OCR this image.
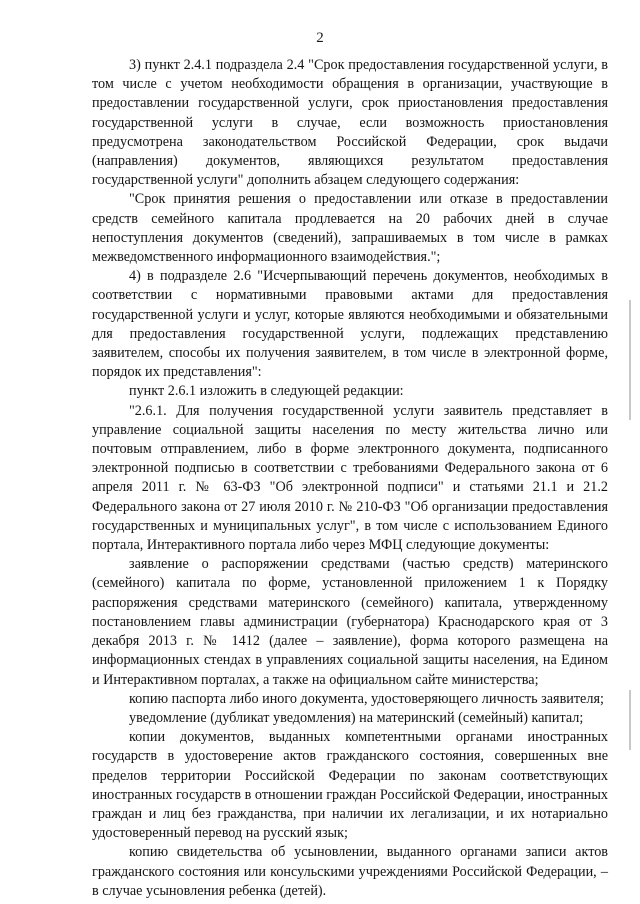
2

3) пункт 2.4.1 подраздела 2.4 "Срок предоставления государственной услуги, в том числе с учетом необходимости обращения в организации, участвующие в предоставлении государственной услуги, срок приостановления предоставления государственной услуги в случае, если возможность приостановления предусмотрена законодательством Российской Федерации, срок выдачи (направления) документов, являющихся результатом предоставления государственной услуги" дополнить абзацем следующего содержания:

"Срок принятия решения о предоставлении или отказе в предоставлении средств семейного капитала продлевается на 20 рабочих дней в случае непоступления документов (сведений), запрашиваемых в том числе в рамках межведомственного информационного взаимодействия.";

4) в подразделе 2.6 "Исчерпывающий перечень документов, необходимых в соответствии с нормативными правовыми актами для предоставления государственной услуги и услуг, которые являются необходимыми и обязательными для предоставления государственной услуги, подлежащих представлению заявителем, способы их получения заявителем, в том числе в электронной форме, порядок их представления":

пункт 2.6.1 изложить в следующей редакции:

"2.6.1. Для получения государственной услуги заявитель представляет в управление социальной защиты населения по месту жительства лично или почтовым отправлением, либо в форме электронного документа, подписанного электронной подписью в соответствии с требованиями Федерального закона от 6 апреля 2011 г. № 63-ФЗ "Об электронной подписи" и статьями 21.1 и 21.2 Федерального закона от 27 июля 2010 г. № 210-ФЗ "Об организации предоставления государственных и муниципальных услуг", в том числе с использованием Единого портала, Интерактивного портала либо через МФЦ следующие документы:

заявление о распоряжении средствами (частью средств) материнского (семейного) капитала по форме, установленной приложением 1 к Порядку распоряжения средствами материнского (семейного) капитала, утвержденному постановлением главы администрации (губернатора) Краснодарского края от 3 декабря 2013 г. № 1412 (далее – заявление), форма которого размещена на информационных стендах в управлениях социальной защиты населения, на Едином и Интерактивном порталах, а также на официальном сайте министерства;

копию паспорта либо иного документа, удостоверяющего личность заявителя;

уведомление (дубликат уведомления) на материнский (семейный) капитал;

копии документов, выданных компетентными органами иностранных государств в удостоверение актов гражданского состояния, совершенных вне пределов территории Российской Федерации по законам соответствующих иностранных государств в отношении граждан Российской Федерации, иностранных граждан и лиц без гражданства, при наличии их легализации, и их нотариально удостоверенный перевод на русский язык;

копию свидетельства об усыновлении, выданного органами записи актов гражданского состояния или консульскими учреждениями Российской Федерации, – в случае усыновления ребенка (детей).
